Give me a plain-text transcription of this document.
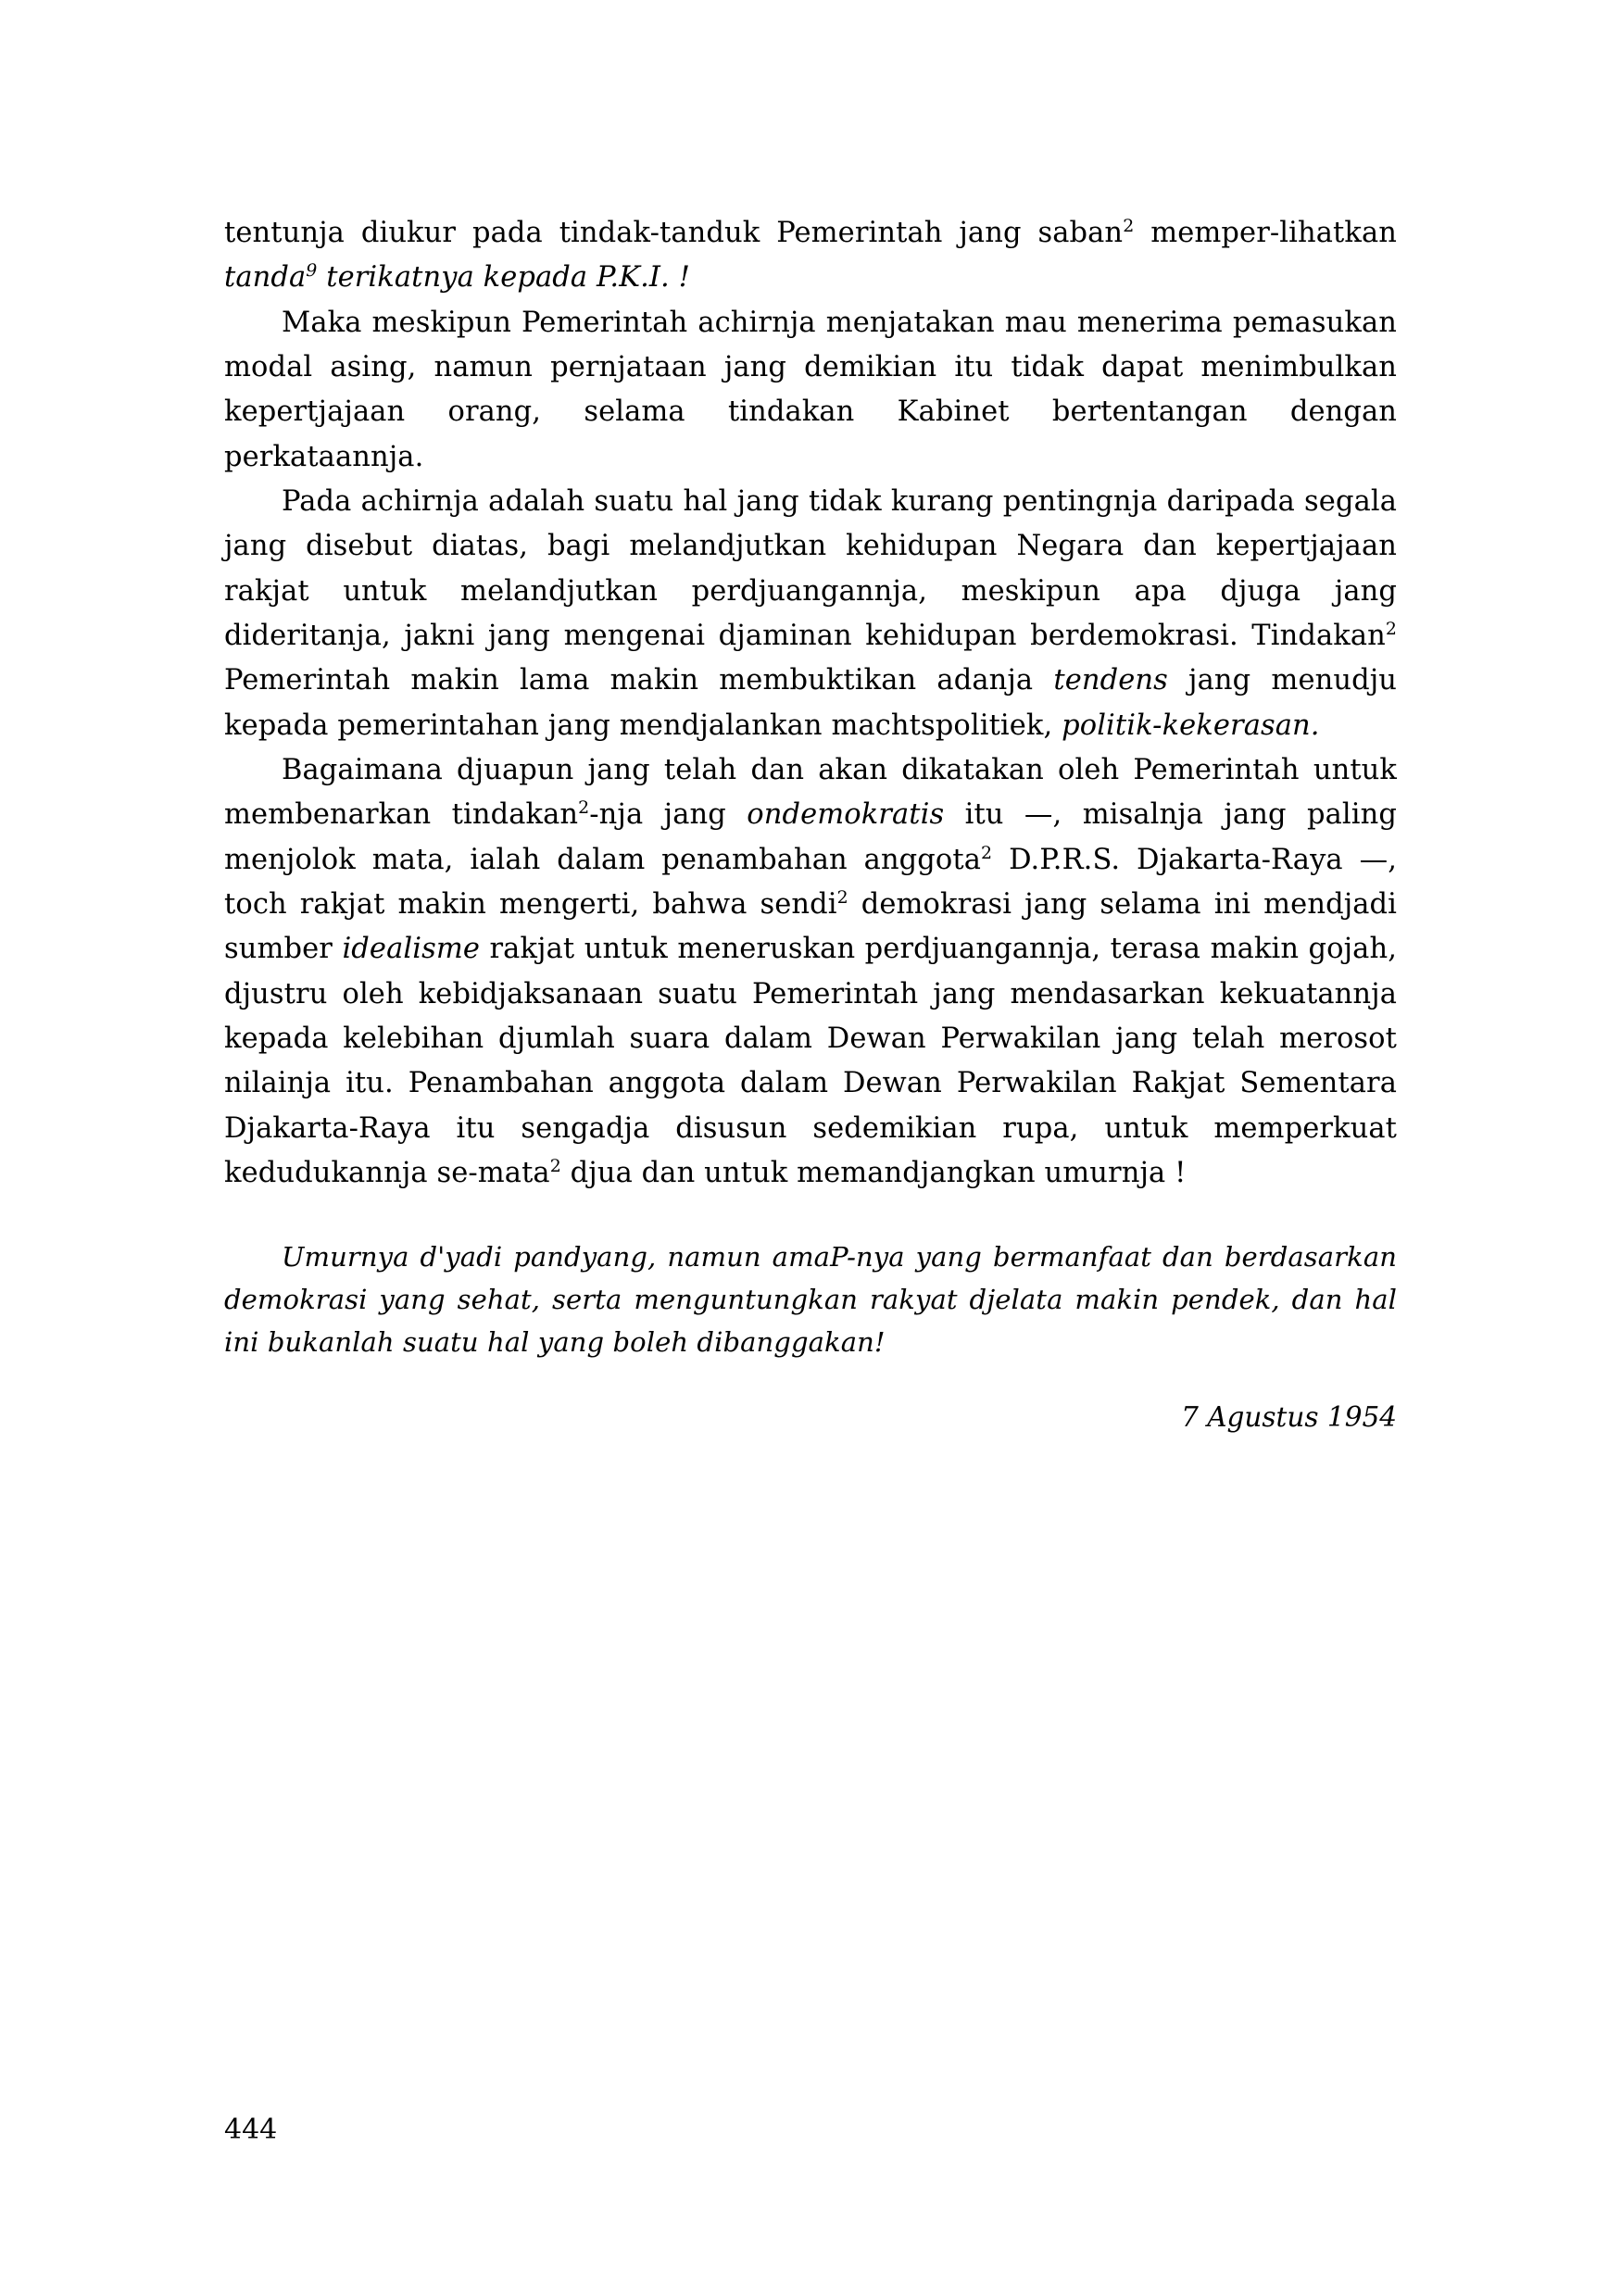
tentunja diukur pada tindak-tanduk Pemerintah jang saban$^2$ memper-lihatkan tanda$^9$ terikatnya kepada P.K.I. !

Maka meskipun Pemerintah achirnja menjatakan mau menerima pemasukan modal asing, namun pernjataan jang demikian itu tidak dapat menimbulkan kepertjajaan orang, selama tindakan Kabinet bertentangan dengan perkataannja.

Pada achirnja adalah suatu hal jang tidak kurang pentingnja daripada segala jang disebut diatas, bagi melandjutkan kehidupan Negara dan kepertjajaan rakjat untuk melandjutkan perdjuangannja, meskipun apa djuga jang dideritanja, jakni jang mengenai djaminan kehidupan berdemokrasi. Tindakan$^2$ Pemerintah makin lama makin membuktikan adanja tendens jang menudju kepada pemerintahan jang mendjalankan machtspolitiek, politik-kekerasan.

Bagaimana djuapun jang telah dan akan dikatakan oleh Pemerintah untuk membenarkan tindakan$^2$-nja jang ondemokratis itu —, misalnja jang paling menjolok mata, ialah dalam penambahan anggota$^2$ D.P.R.S. Djakarta-Raya —, toch rakjat makin mengerti, bahwa sendi$^2$ demokrasi jang selama ini mendjadi sumber idealisme rakjat untuk meneruskan perdjuangannja, terasa makin gojah, djustru oleh kebidjaksanaan suatu Pemerintah jang mendasarkan kekuatannja kepada kelebihan djumlah suara dalam Dewan Perwakilan jang telah merosot nilainja itu. Penambahan anggota dalam Dewan Perwakilan Rakjat Sementara Djakarta-Raya itu sengadja disusun sedemikian rupa, untuk memperkuat kedudukannja se-mata$^2$ djua dan untuk memandjangkan umurnja !

Umurnya d'yadi pandyang, namun amaP-nya yang bermanfaat dan berdasarkan demokrasi yang sehat, serta menguntungkan rakyat djelata makin pendek, dan hal ini bukanlah suatu hal yang boleh dibanggakan!

7 Agustus 1954
444
